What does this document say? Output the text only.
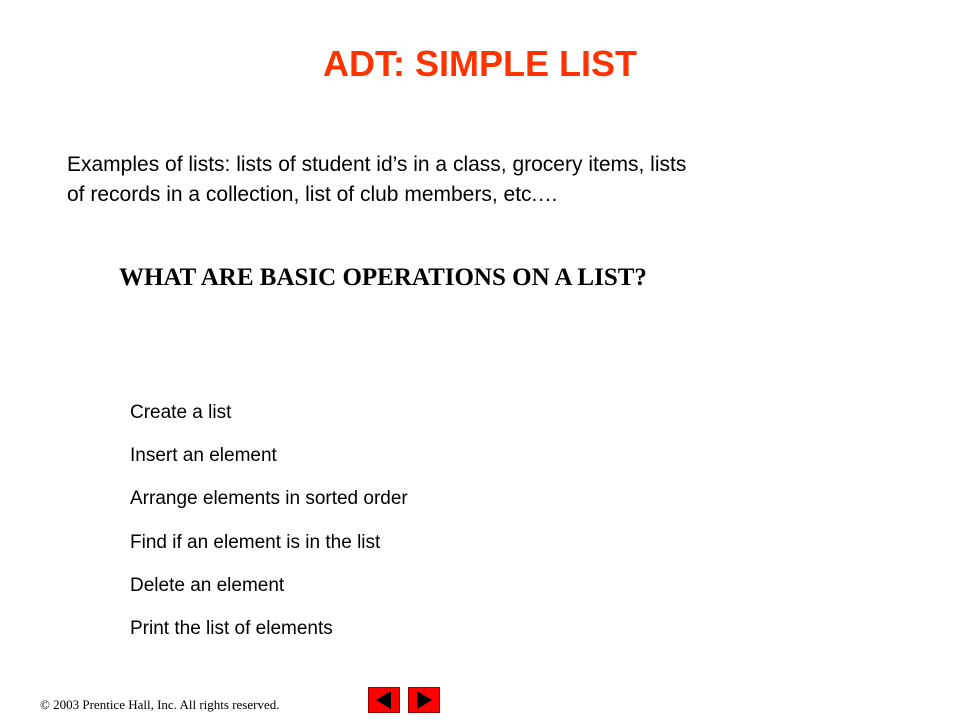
ADT: SIMPLE LIST
Examples of lists: lists of student id’s in a class, grocery items, lists
of records in a collection, list of club members, etc.…
WHAT ARE BASIC OPERATIONS ON A LIST?
Create a list
Insert an element
Arrange elements in sorted order
Find if an element is in the list
Delete an element
Print the list of elements
© 2003 Prentice Hall, Inc. All rights reserved.
